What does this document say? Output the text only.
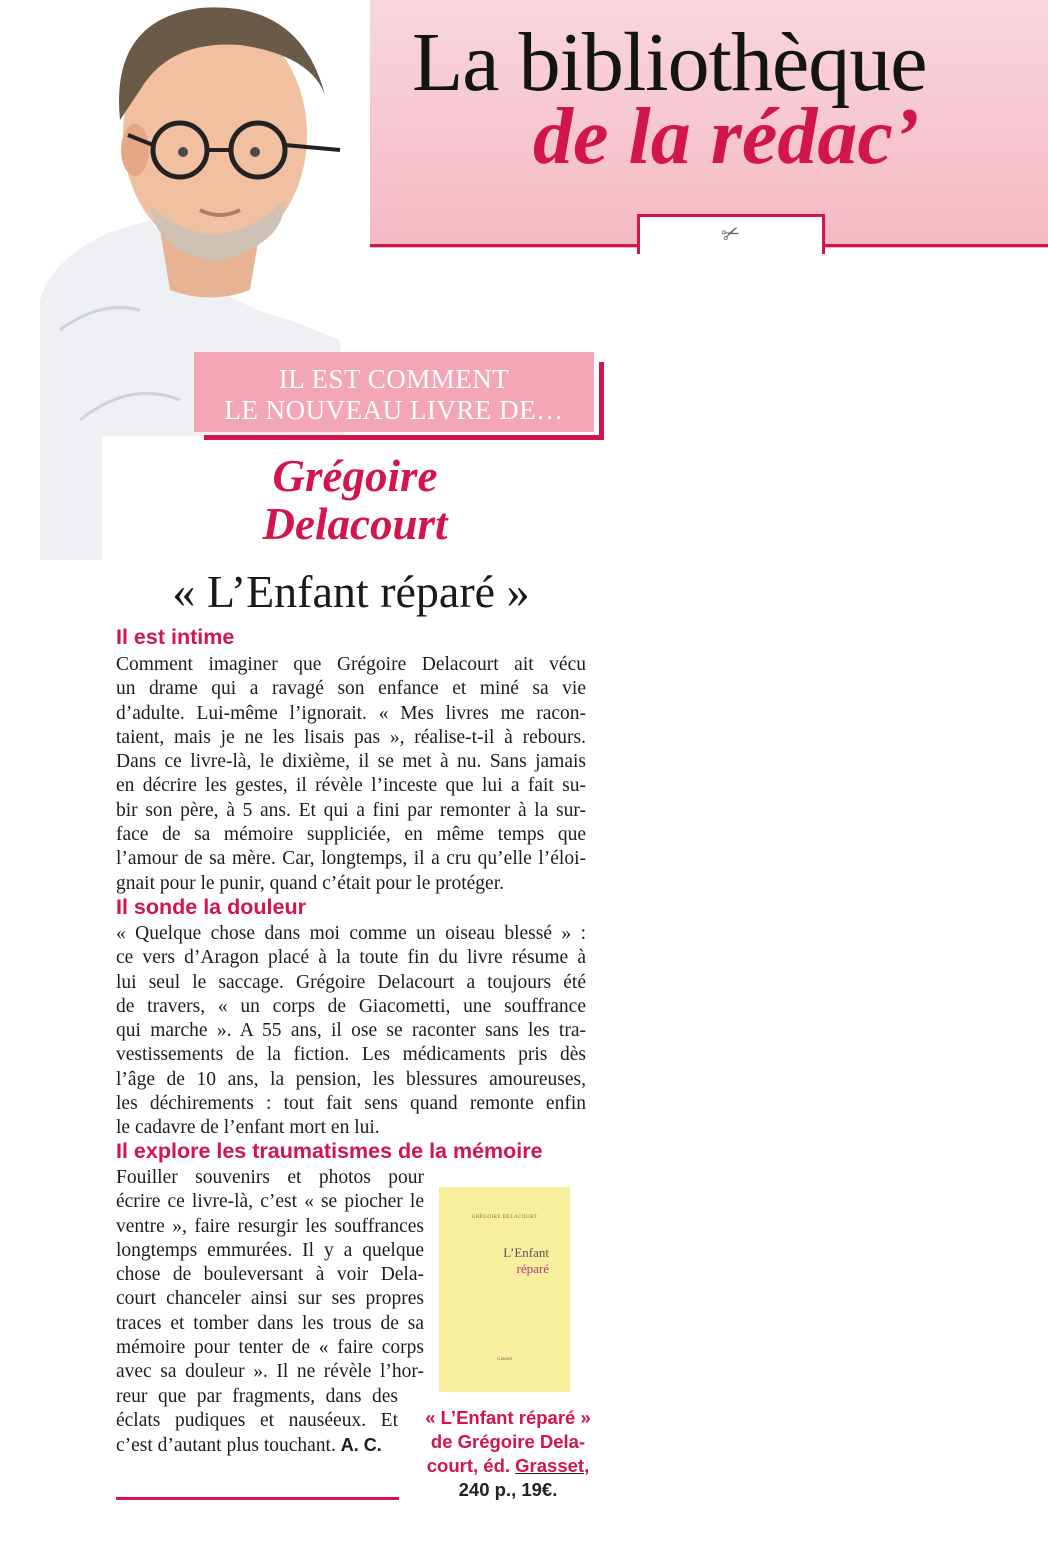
✂
La bibliothèque
de la rédac’
IL EST COMMENT
LE NOUVEAU LIVRE DE…
Grégoire
Delacourt
« L’Enfant réparé »
Il est intime
Comment imaginer que Grégoire Delacourt ait vécu
un drame qui a ravagé son enfance et miné sa vie
d’adulte. Lui-même l’ignorait. « Mes livres me racon-
taient, mais je ne les lisais pas », réalise-t-il à rebours.
Dans ce livre-là, le dixième, il se met à nu. Sans jamais
en décrire les gestes, il révèle l’inceste que lui a fait su-
bir son père, à 5 ans. Et qui a fini par remonter à la sur-
face de sa mémoire suppliciée, en même temps que
l’amour de sa mère. Car, longtemps, il a cru qu’elle l’éloi-
gnait pour le punir, quand c’était pour le protéger.
Il sonde la douleur
« Quelque chose dans moi comme un oiseau blessé » :
ce vers d’Aragon placé à la toute fin du livre résume à
lui seul le saccage. Grégoire Delacourt a toujours été
de travers, « un corps de Giacometti, une souffrance
qui marche ». A 55 ans, il ose se raconter sans les tra-
vestissements de la fiction. Les médicaments pris dès
l’âge de 10 ans, la pension, les blessures amoureuses,
les déchirements : tout fait sens quand remonte enfin
le cadavre de l’enfant mort en lui.
Il explore les traumatismes de la mémoire
Fouiller souvenirs et photos pour
écrire ce livre-là, c’est « se piocher le
ventre », faire resurgir les souffrances
longtemps emmurées. Il y a quelque
chose de bouleversant à voir Dela-
court chanceler ainsi sur ses propres
traces et tomber dans les trous de sa
mémoire pour tenter de « faire corps
avec sa douleur ». Il ne révèle l’hor-
reur que par fragments, dans des
éclats pudiques et nauséeux. Et
c’est d’autant plus touchant. A. C.
GRÉGOIRE DELACOURT
L’Enfant
réparé
Grasset
« L’Enfant réparé »
de Grégoire Dela-
court, éd. Grasset,
240 p., 19€.
